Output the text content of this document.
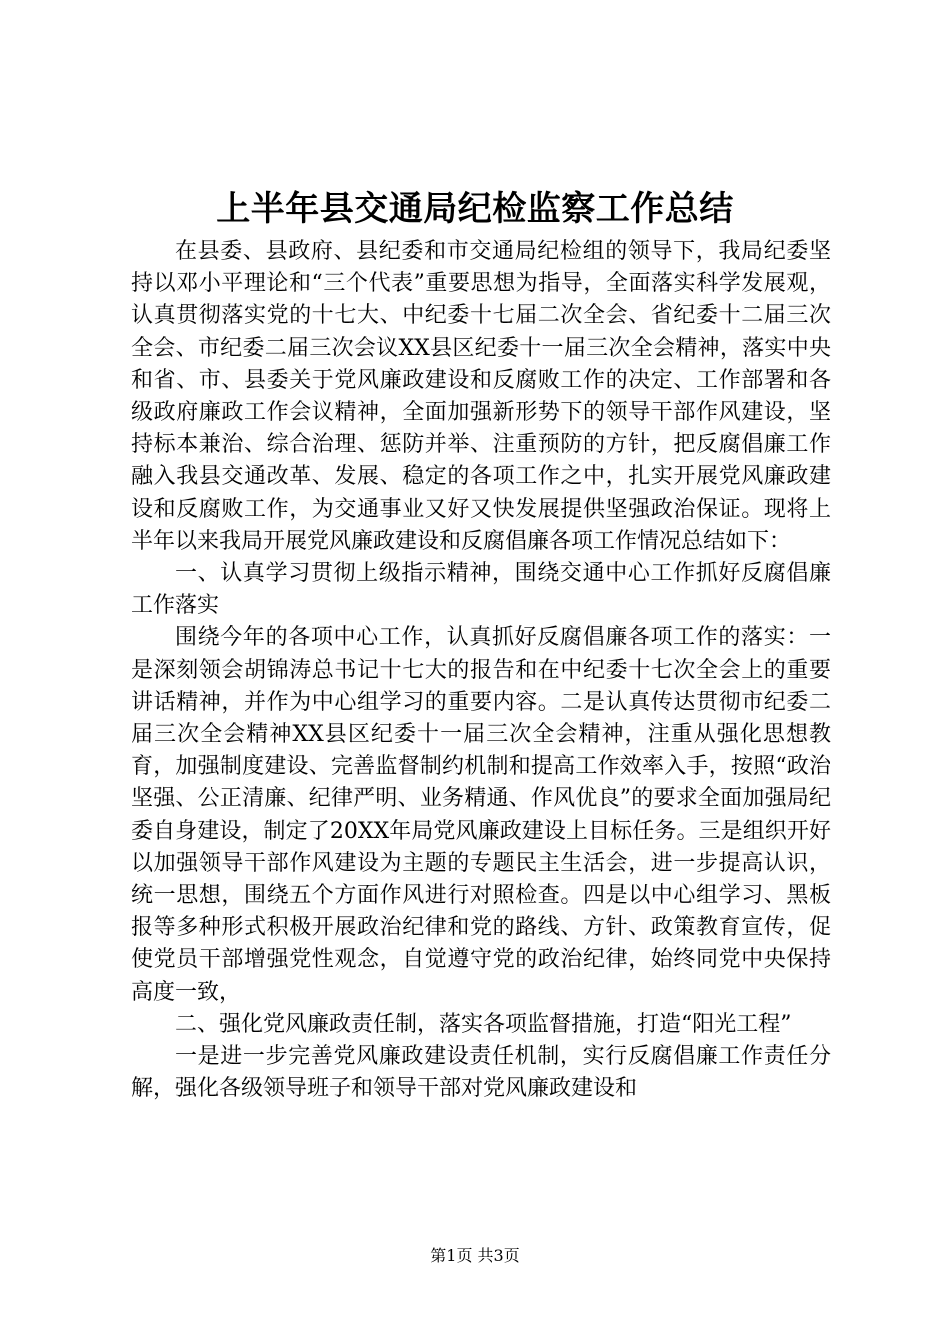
上半年县交通局纪检监察工作总结

在县委、县政府、县纪委和市交通局纪检组的领导下，我局纪委坚持以邓小平理论和“三个代表”重要思想为指导，全面落实科学发展观，认真贯彻落实党的十七大、中纪委十七届二次全会、省纪委十二届三次全会、市纪委二届三次会议XX县区纪委十一届三次全会精神，落实中央和省、市、县委关于党风廉政建设和反腐败工作的决定、工作部署和各级政府廉政工作会议精神，全面加强新形势下的领导干部作风建设，坚持标本兼治、综合治理、惩防并举、注重预防的方针，把反腐倡廉工作融入我县交通改革、发展、稳定的各项工作之中，扎实开展党风廉政建设和反腐败工作，为交通事业又好又快发展提供坚强政治保证。现将上半年以来我局开展党风廉政建设和反腐倡廉各项工作情况总结如下：

一、认真学习贯彻上级指示精神，围绕交通中心工作抓好反腐倡廉工作落实

围绕今年的各项中心工作，认真抓好反腐倡廉各项工作的落实：一是深刻领会胡锦涛总书记十七大的报告和在中纪委十七次全会上的重要讲话精神，并作为中心组学习的重要内容。二是认真传达贯彻市纪委二届三次全会精神XX县区纪委十一届三次全会精神，注重从强化思想教育，加强制度建设、完善监督制约机制和提高工作效率入手，按照“政治坚强、公正清廉、纪律严明、业务精通、作风优良”的要求全面加强局纪委自身建设，制定了20XX年局党风廉政建设上目标任务。三是组织开好以加强领导干部作风建设为主题的专题民主生活会，进一步提高认识，统一思想，围绕五个方面作风进行对照检查。四是以中心组学习、黑板报等多种形式积极开展政治纪律和党的路线、方针、政策教育宣传，促使党员干部增强党性观念，自觉遵守党的政治纪律，始终同党中央保持高度一致，

二、强化党风廉政责任制，落实各项监督措施，打造“阳光工程”

一是进一步完善党风廉政建设责任机制，实行反腐倡廉工作责任分解，强化各级领导班子和领导干部对党风廉政建设和

第1页 共3页
